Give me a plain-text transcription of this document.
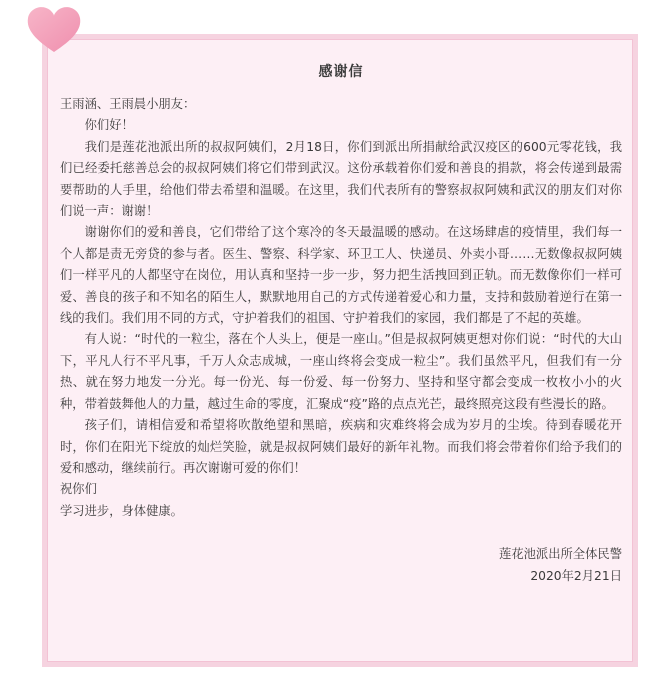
感谢信

王雨涵、王雨晨小朋友：

你们好！

我们是莲花池派出所的叔叔阿姨们，2月18日，你们到派出所捐献给武汉疫区的600元零花钱，我们已经委托慈善总会的叔叔阿姨们将它们带到武汉。这份承载着你们爱和善良的捐款，将会传递到最需要帮助的人手里，给他们带去希望和温暖。在这里，我们代表所有的警察叔叔阿姨和武汉的朋友们对你们说一声：谢谢！

谢谢你们的爱和善良，它们带给了这个寒冷的冬天最温暖的感动。在这场肆虐的疫情里，我们每一个人都是责无旁贷的参与者。医生、警察、科学家、环卫工人、快递员、外卖小哥……无数像叔叔阿姨们一样平凡的人都坚守在岗位，用认真和坚持一步一步，努力把生活拽回到正轨。而无数像你们一样可爱、善良的孩子和不知名的陌生人，默默地用自己的方式传递着爱心和力量，支持和鼓励着逆行在第一线的我们。我们用不同的方式，守护着我们的祖国、守护着我们的家园，我们都是了不起的英雄。

有人说：“时代的一粒尘，落在个人头上，便是一座山。”但是叔叔阿姨更想对你们说：“时代的大山下，平凡人行不平凡事，千万人众志成城，一座山终将会变成一粒尘”。我们虽然平凡，但我们有一分热、就在努力地发一分光。每一份光、每一份爱、每一份努力、坚持和坚守都会变成一枚枚小小的火种，带着鼓舞他人的力量，越过生命的零度，汇聚成“疫”路的点点光芒，最终照亮这段有些漫长的路。

孩子们，请相信爱和希望将吹散绝望和黑暗，疾病和灾难终将会成为岁月的尘埃。待到春暖花开时，你们在阳光下绽放的灿烂笑脸，就是叔叔阿姨们最好的新年礼物。而我们将会带着你们给予我们的爱和感动，继续前行。再次谢谢可爱的你们！

祝你们

学习进步，身体健康。

莲花池派出所全体民警
2020年2月21日
